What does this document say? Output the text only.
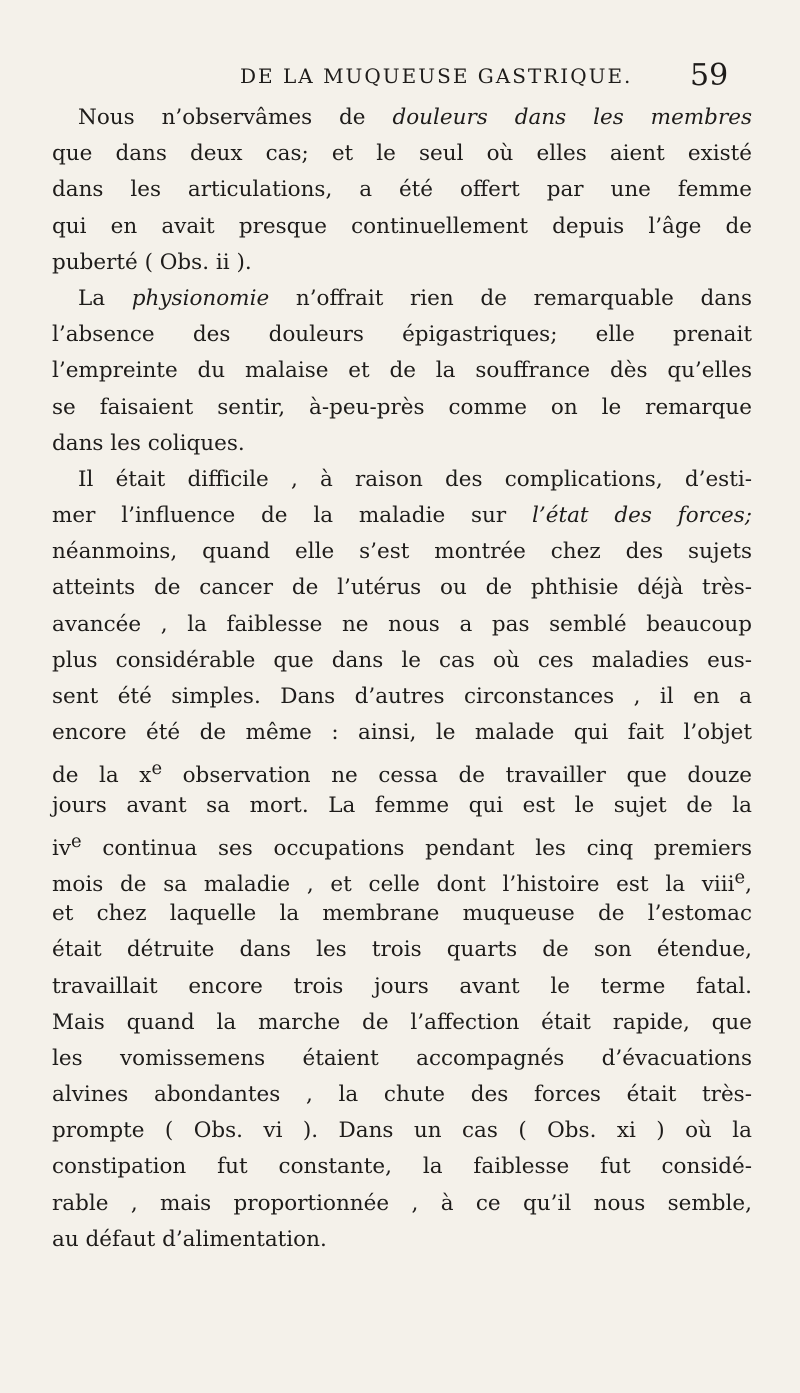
DE LA MUQUEUSE GASTRIQUE. 59
Nous n’observâmes de douleurs dans les membres
que dans deux cas; et le seul où elles aient existé
dans les articulations, a été offert par une femme
qui en avait presque continuellement depuis l’âge de
puberté ( Obs. ii ).
La physionomie n’offrait rien de remarquable dans
l’absence des douleurs épigastriques; elle prenait
l’empreinte du malaise et de la souffrance dès qu’elles
se faisaient sentir, à-peu-près comme on le remarque
dans les coliques.
Il était difficile , à raison des complications, d’esti-
mer l’influence de la maladie sur l’état des forces;
néanmoins, quand elle s’est montrée chez des sujets
atteints de cancer de l’utérus ou de phthisie déjà très-
avancée , la faiblesse ne nous a pas semblé beaucoup
plus considérable que dans le cas où ces maladies eus-
sent été simples. Dans d’autres circonstances , il en a
encore été de même : ainsi, le malade qui fait l’objet
de la $x^e$ observation ne cessa de travailler que douze
jours avant sa mort. La femme qui est le sujet de la
$iv^e$ continua ses occupations pendant les cinq premiers
mois de sa maladie , et celle dont l’histoire est la viii$^e$,
et chez laquelle la membrane muqueuse de l’estomac
était détruite dans les trois quarts de son étendue,
travaillait encore trois jours avant le terme fatal.
Mais quand la marche de l’affection était rapide, que
les vomissemens étaient accompagnés d’évacuations
alvines abondantes , la chute des forces était très-
prompte ( Obs. vi ). Dans un cas ( Obs. xi ) où la
constipation fut constante, la faiblesse fut considé-
rable , mais proportionnée , à ce qu’il nous semble,
au défaut d’alimentation.
